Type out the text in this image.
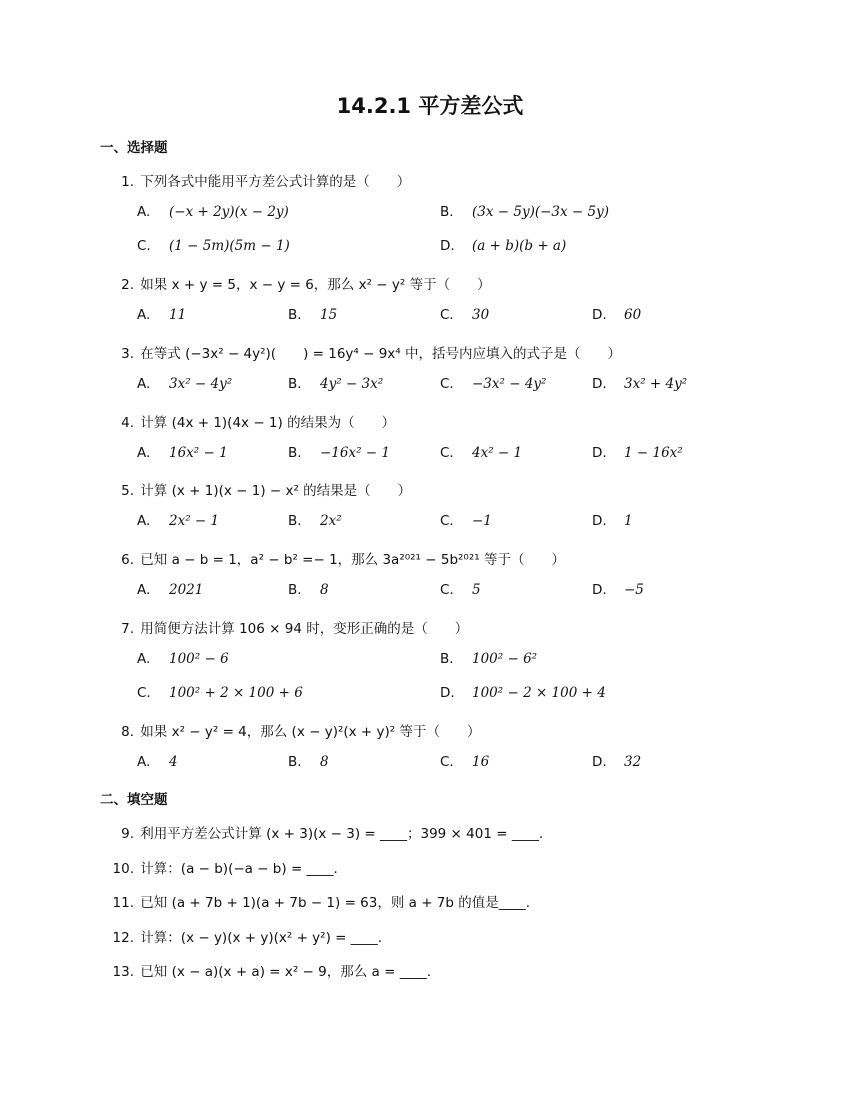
14.2.1 平方差公式
一、选择题
1. 下列各式中能用平方差公式计算的是（　　）
A. (−x + 2y)(x − 2y)	B. (3x − 5y)(−3x − 5y)
C. (1 − 5m)(5m − 1)	D. (a + b)(b + a)
2. 如果 x + y = 5，x − y = 6，那么 x² − y² 等于（　　）
A. 11	B. 15	C. 30	D. 60
3. 在等式 (−3x² − 4y²)(　　) = 16y⁴ − 9x⁴ 中，括号内应填入的式子是（　　）
A. 3x² − 4y²	B. 4y² − 3x²	C. −3x² − 4y²	D. 3x² + 4y²
4. 计算 (4x + 1)(4x − 1) 的结果为（　　）
A. 16x² − 1	B. −16x² − 1	C. 4x² − 1	D. 1 − 16x²
5. 计算 (x + 1)(x − 1) − x² 的结果是（　　）
A. 2x² − 1	B. 2x²	C. −1	D. 1
6. 已知 a − b = 1，a² − b² =− 1，那么 3a²⁰²¹ − 5b²⁰²¹ 等于（　　）
A. 2021	B. 8	C. 5	D. −5
7. 用简便方法计算 106 × 94 时，变形正确的是（　　）
A. 100² − 6	B. 100² − 6²
C. 100² + 2 × 100 + 6	D. 100² − 2 × 100 + 4
8. 如果 x² − y² = 4，那么 (x − y)²(x + y)² 等于（　　）
A. 4	B. 8	C. 16	D. 32
二、填空题
9. 利用平方差公式计算 (x + 3)(x − 3) = ____；399 × 401 = ____.
10. 计算：(a − b)(−a − b) = ____.
11. 已知 (a + 7b + 1)(a + 7b − 1) = 63，则 a + 7b 的值是____.
12. 计算：(x − y)(x + y)(x² + y²) = ____.
13. 已知 (x − a)(x + a) = x² − 9，那么 a = ____.
